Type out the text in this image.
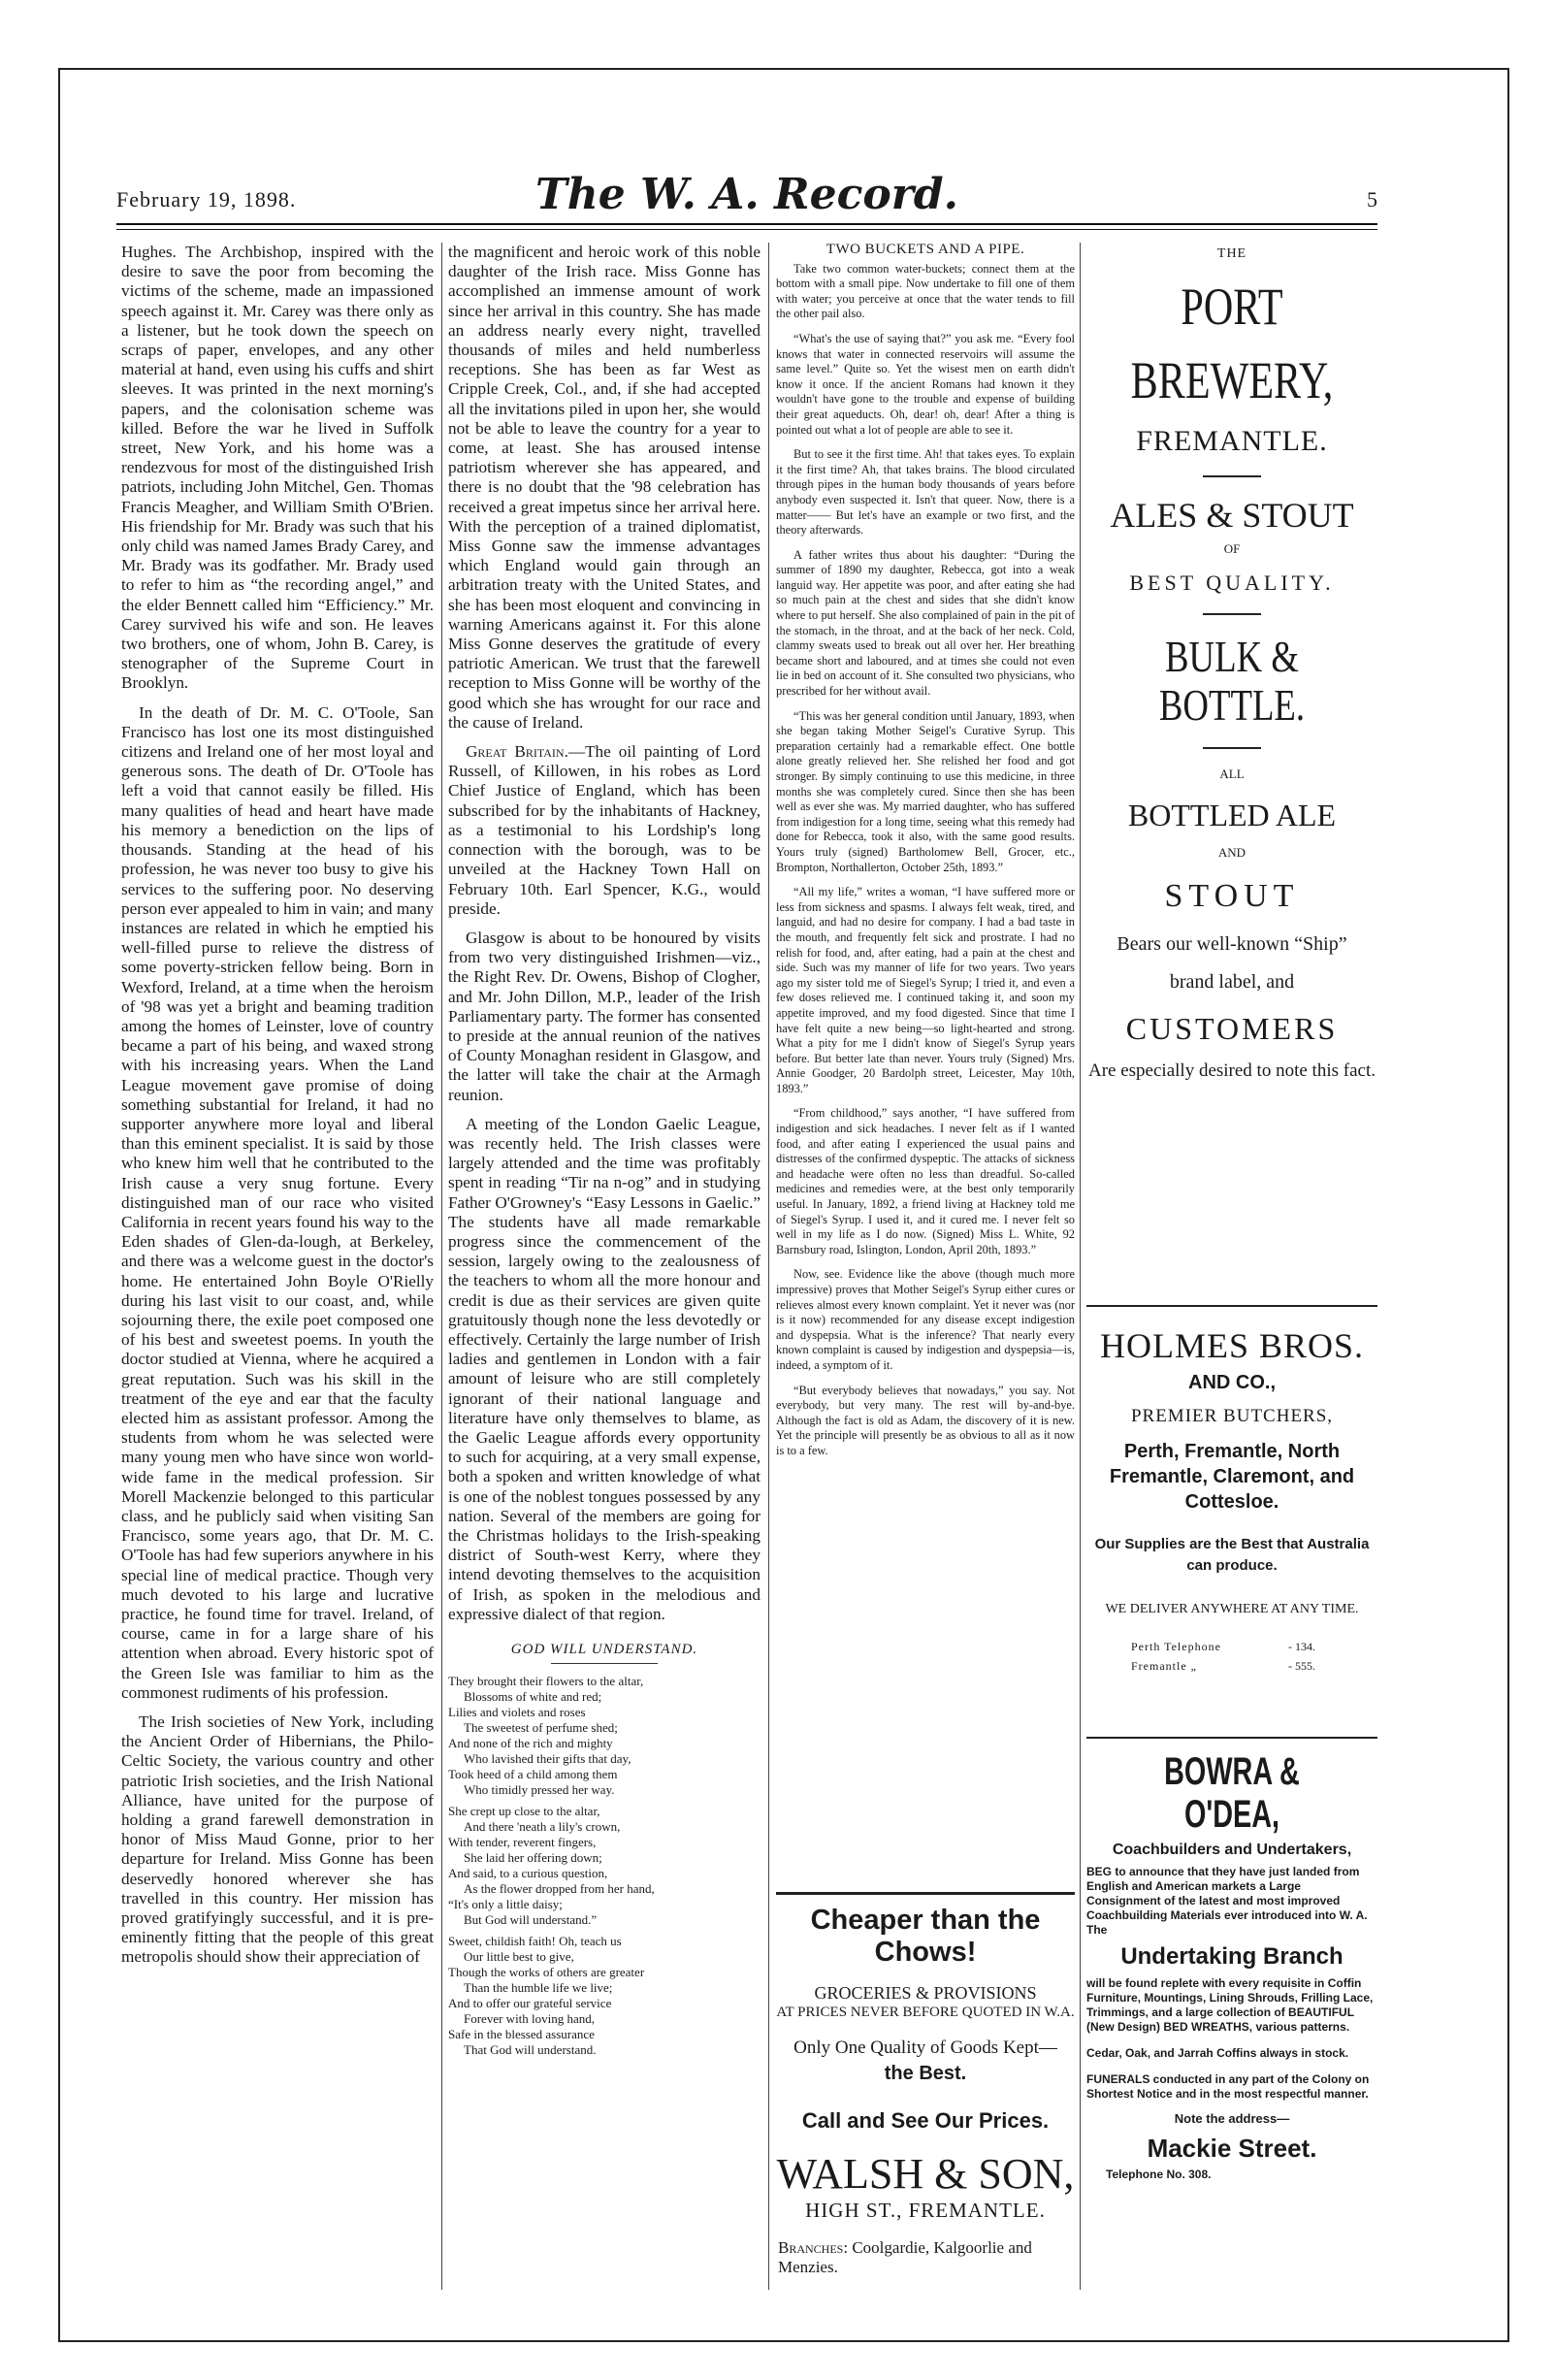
February 19, 1898.	The W. A. Record.	5

Hughes. The Archbishop, inspired with the desire to save the poor from becoming the victims of the scheme, made an impassioned speech against it. Mr. Carey was there only as a listener, but he took down the speech on scraps of paper, envelopes, and any other material at hand, even using his cuffs and shirt sleeves. It was printed in the next morning's papers, and the colonisation scheme was killed. Before the war he lived in Suffolk street, New York, and his home was a rendezvous for most of the distinguished Irish patriots, including John Mitchel, Gen. Thomas Francis Meagher, and William Smith O'Brien. His friendship for Mr. Brady was such that his only child was named James Brady Carey, and Mr. Brady was its godfather. Mr. Brady used to refer to him as “the recording angel,” and the elder Bennett called him “Efficiency.” Mr. Carey survived his wife and son. He leaves two brothers, one of whom, John B. Carey, is stenographer of the Supreme Court in Brooklyn.

In the death of Dr. M. C. O'Toole, San Francisco has lost one its most distinguished citizens and Ireland one of her most loyal and generous sons. The death of Dr. O'Toole has left a void that cannot easily be filled. His many qualities of head and heart have made his memory a benediction on the lips of thousands. Standing at the head of his profession, he was never too busy to give his services to the suffering poor. No deserving person ever appealed to him in vain; and many instances are related in which he emptied his well-filled purse to relieve the distress of some poverty-stricken fellow being. Born in Wexford, Ireland, at a time when the heroism of '98 was yet a bright and beaming tradition among the homes of Leinster, love of country became a part of his being, and waxed strong with his increasing years. When the Land League movement gave promise of doing something substantial for Ireland, it had no supporter anywhere more loyal and liberal than this eminent specialist. It is said by those who knew him well that he contributed to the Irish cause a very snug fortune. Every distinguished man of our race who visited California in recent years found his way to the Eden shades of Glen-da-lough, at Berkeley, and there was a welcome guest in the doctor's home. He entertained John Boyle O'Rielly during his last visit to our coast, and, while sojourning there, the exile poet composed one of his best and sweetest poems. In youth the doctor studied at Vienna, where he acquired a great reputation. Such was his skill in the treatment of the eye and ear that the faculty elected him as assistant professor. Among the students from whom he was selected were many young men who have since won world-wide fame in the medical profession. Sir Morell Mackenzie belonged to this particular class, and he publicly said when visiting San Francisco, some years ago, that Dr. M. C. O'Toole has had few superiors anywhere in his special line of medical practice. Though very much devoted to his large and lucrative practice, he found time for travel. Ireland, of course, came in for a large share of his attention when abroad. Every historic spot of the Green Isle was familiar to him as the commonest rudiments of his profession.

The Irish societies of New York, including the Ancient Order of Hibernians, the Philo-Celtic Society, the various country and other patriotic Irish societies, and the Irish National Alliance, have united for the purpose of holding a grand farewell demonstration in honor of Miss Maud Gonne, prior to her departure for Ireland. Miss Gonne has been deservedly honored wherever she has travelled in this country. Her mission has proved gratifyingly successful, and it is pre-eminently fitting that the people of this great metropolis should show their appreciation of

the magnificent and heroic work of this noble daughter of the Irish race. Miss Gonne has accomplished an immense amount of work since her arrival in this country. She has made an address nearly every night, travelled thousands of miles and held numberless receptions. She has been as far West as Cripple Creek, Col., and, if she had accepted all the invitations piled in upon her, she would not be able to leave the country for a year to come, at least. She has aroused intense patriotism wherever she has appeared, and there is no doubt that the '98 celebration has received a great impetus since her arrival here. With the perception of a trained diplomatist, Miss Gonne saw the immense advantages which England would gain through an arbitration treaty with the United States, and she has been most eloquent and convincing in warning Americans against it. For this alone Miss Gonne deserves the gratitude of every patriotic American. We trust that the farewell reception to Miss Gonne will be worthy of the good which she has wrought for our race and the cause of Ireland.

Great Britain.—The oil painting of Lord Russell, of Killowen, in his robes as Lord Chief Justice of England, which has been subscribed for by the inhabitants of Hackney, as a testimonial to his Lordship's long connection with the borough, was to be unveiled at the Hackney Town Hall on February 10th. Earl Spencer, K.G., would preside.

Glasgow is about to be honoured by visits from two very distinguished Irishmen—viz., the Right Rev. Dr. Owens, Bishop of Clogher, and Mr. John Dillon, M.P., leader of the Irish Parliamentary party. The former has consented to preside at the annual reunion of the natives of County Monaghan resident in Glasgow, and the latter will take the chair at the Armagh reunion.

A meeting of the London Gaelic League, was recently held. The Irish classes were largely attended and the time was profitably spent in reading “Tir na n-og” and in studying Father O'Growney's “Easy Lessons in Gaelic.” The students have all made remarkable progress since the commencement of the session, largely owing to the zealousness of the teachers to whom all the more honour and credit is due as their services are given quite gratuitously though none the less devotedly or effectively. Certainly the large number of Irish ladies and gentlemen in London with a fair amount of leisure who are still completely ignorant of their national language and literature have only themselves to blame, as the Gaelic League affords every opportunity to such for acquiring, at a very small expense, both a spoken and written knowledge of what is one of the noblest tongues possessed by any nation. Several of the members are going for the Christmas holidays to the Irish-speaking district of South-west Kerry, where they intend devoting themselves to the acquisition of Irish, as spoken in the melodious and expressive dialect of that region.

GOD WILL UNDERSTAND.
They brought their flowers to the altar,
Blossoms of white and red;
Lilies and violets and roses
The sweetest of perfume shed;
And none of the rich and mighty
Who lavished their gifts that day,
Took heed of a child among them
Who timidly pressed her way.
She crept up close to the altar,
And there 'neath a lily's crown,
With tender, reverent fingers,
She laid her offering down;
And said, to a curious question,
As the flower dropped from her hand,
“It's only a little daisy;
But God will understand.”
Sweet, childish faith! Oh, teach us
Our little best to give,
Though the works of others are greater
Than the humble life we live;
And to offer our grateful service
Forever with loving hand,
Safe in the blessed assurance
That God will understand.
TWO BUCKETS AND A PIPE.

Take two common water-buckets; connect them at the bottom with a small pipe. Now undertake to fill one of them with water; you perceive at once that the water tends to fill the other pail also.

“What's the use of saying that?” you ask me. “Every fool knows that water in connected reservoirs will assume the same level.” Quite so. Yet the wisest men on earth didn't know it once. If the ancient Romans had known it they wouldn't have gone to the trouble and expense of building their great aqueducts. Oh, dear! oh, dear! After a thing is pointed out what a lot of people are able to see it.

But to see it the first time. Ah! that takes eyes. To explain it the first time? Ah, that takes brains. The blood circulated through pipes in the human body thousands of years before anybody even suspected it. Isn't that queer. Now, there is a matter—— But let's have an example or two first, and the theory afterwards.

A father writes thus about his daughter: “During the summer of 1890 my daughter, Rebecca, got into a weak languid way. Her appetite was poor, and after eating she had so much pain at the chest and sides that she didn't know where to put herself. She also complained of pain in the pit of the stomach, in the throat, and at the back of her neck. Cold, clammy sweats used to break out all over her. Her breathing became short and laboured, and at times she could not even lie in bed on account of it. She consulted two physicians, who prescribed for her without avail.

“This was her general condition until January, 1893, when she began taking Mother Seigel's Curative Syrup. This preparation certainly had a remarkable effect. One bottle alone greatly relieved her. She relished her food and got stronger. By simply continuing to use this medicine, in three months she was completely cured. Since then she has been well as ever she was. My married daughter, who has suffered from indigestion for a long time, seeing what this remedy had done for Rebecca, took it also, with the same good results. Yours truly (signed) Bartholomew Bell, Grocer, etc., Brompton, Northallerton, October 25th, 1893.”

“All my life,” writes a woman, “I have suffered more or less from sickness and spasms. I always felt weak, tired, and languid, and had no desire for company. I had a bad taste in the mouth, and frequently felt sick and prostrate. I had no relish for food, and, after eating, had a pain at the chest and side. Such was my manner of life for two years. Two years ago my sister told me of Siegel's Syrup; I tried it, and even a few doses relieved me. I continued taking it, and soon my appetite improved, and my food digested. Since that time I have felt quite a new being—so light-hearted and strong. What a pity for me I didn't know of Siegel's Syrup years before. But better late than never. Yours truly (Signed) Mrs. Annie Goodger, 20 Bardolph street, Leicester, May 10th, 1893.”

“From childhood,” says another, “I have suffered from indigestion and sick headaches. I never felt as if I wanted food, and after eating I experienced the usual pains and distresses of the confirmed dyspeptic. The attacks of sickness and headache were often no less than dreadful. So-called medicines and remedies were, at the best only temporarily useful. In January, 1892, a friend living at Hackney told me of Siegel's Syrup. I used it, and it cured me. I never felt so well in my life as I do now. (Signed) Miss L. White, 92 Barnsbury road, Islington, London, April 20th, 1893.”

Now, see. Evidence like the above (though much more impressive) proves that Mother Seigel's Syrup either cures or relieves almost every known complaint. Yet it never was (nor is it now) recommended for any disease except indigestion and dyspepsia. What is the inference? That nearly every known complaint is caused by indigestion and dyspepsia—is, indeed, a symptom of it.

“But everybody believes that nowadays,” you say. Not everybody, but very many. The rest will by-and-bye. Although the fact is old as Adam, the discovery of it is new. Yet the principle will presently be as obvious to all as it now is to a few.

Cheaper than the Chows!
GROCERIES & PROVISIONS
AT PRICES NEVER BEFORE QUOTED IN W.A.
Only One Quality of Goods Kept—
the Best.
Call and See Our Prices.
WALSH & SON,
HIGH ST., FREMANTLE.
Branches: Coolgardie, Kalgoorlie and Menzies.
THE
PORT
BREWERY,
FREMANTLE.
ALES & STOUT
OF
BEST QUALITY.
BULK & BOTTLE.
ALL
BOTTLED ALE
AND
STOUT
Bears our well-known “Ship”
brand label, and
CUSTOMERS
Are especially desired to note this fact.
HOLMES BROS.
AND CO.,
PREMIER BUTCHERS,
Perth, Fremantle, North Fremantle, Claremont, and Cottesloe.
Our Supplies are the Best that Australia can produce.
WE DELIVER ANYWHERE AT ANY TIME.
Perth Telephone	- 134.
Fremantle „	- 555.
BOWRA & O'DEA,
Coachbuilders and Undertakers,
BEG to announce that they have just landed from English and American markets a Large Consignment of the latest and most improved Coachbuilding Materials ever introduced into W. A. The
Undertaking Branch
will be found replete with every requisite in Coffin Furniture, Mountings, Lining Shrouds, Frilling Lace, Trimmings, and a large collection of BEAUTIFUL (New Design) BED WREATHS, various patterns.
Cedar, Oak, and Jarrah Coffins always in stock.
FUNERALS conducted in any part of the Colony on Shortest Notice and in the most respectful manner.
Note the address—
Mackie Street.
Telephone No. 308.
